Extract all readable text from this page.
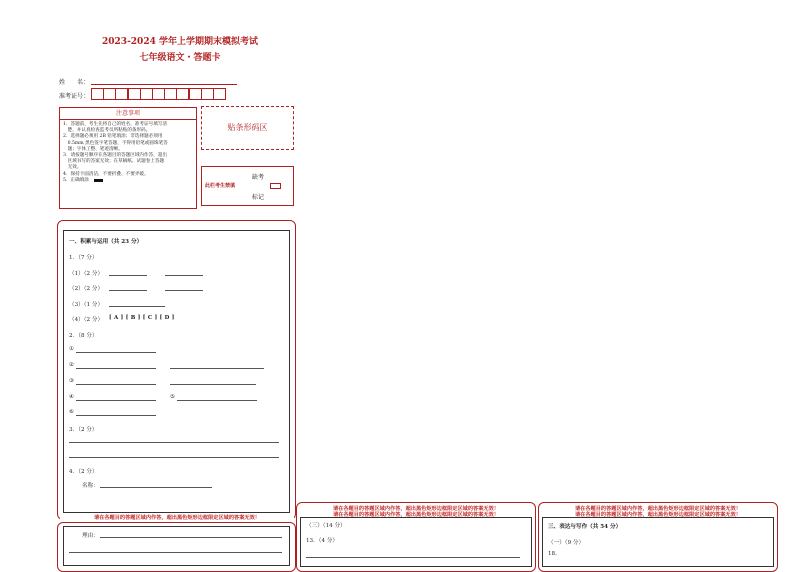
2023-2024 学年上学期期末模拟考试
七年级语文・答题卡
姓　　名：
准考证号：
注意事项
1．答题前，考生先将自己的姓名，准考证号填写清
　楚，并认真检查监考员所粘贴的条形码。
2．选择题必须用 2B 铅笔填涂；非选择题必须用
　0.5mm 黑色签字笔答题，不得用铅笔或圆珠笔答
　题；字体工整、笔迹清晰。
3．请按题号顺序在各题目的答题区域内作答，超出
　区域书写的答案无效；在草稿纸、试题卷上答题
　无效。
4．保持卡面清洁，不要折叠、不要弄破。
5．正确填涂
贴条形码区
此栏考生禁填
缺考
标记
一、积累与运用（共 23 分）
1．（7 分）
（1）（2 分）
（2）（2 分）
（3）（1 分）
（4）（2 分） [ A ] [ B ] [ C ] [ D ]
2．（8 分）
①
②
③
④	⑤
⑥
3．（2 分）
4．（2 分）
名称：
请在各题目的答题区域内作答，超出黑色矩形边框限定区域的答案无效！
理由：
请在各题目的答题区域内作答，超出黑色矩形边框限定区域的答案无效！
请在各题目的答题区域内作答，超出黑色矩形边框限定区域的答案无效！
（三）（14 分）
13．（4 分）
请在各题目的答题区域内作答，超出黑色矩形边框限定区域的答案无效！
请在各题目的答题区域内作答，超出黑色矩形边框限定区域的答案无效！
三、表达与写作（共 54 分）
（一）（9 分）
18.
